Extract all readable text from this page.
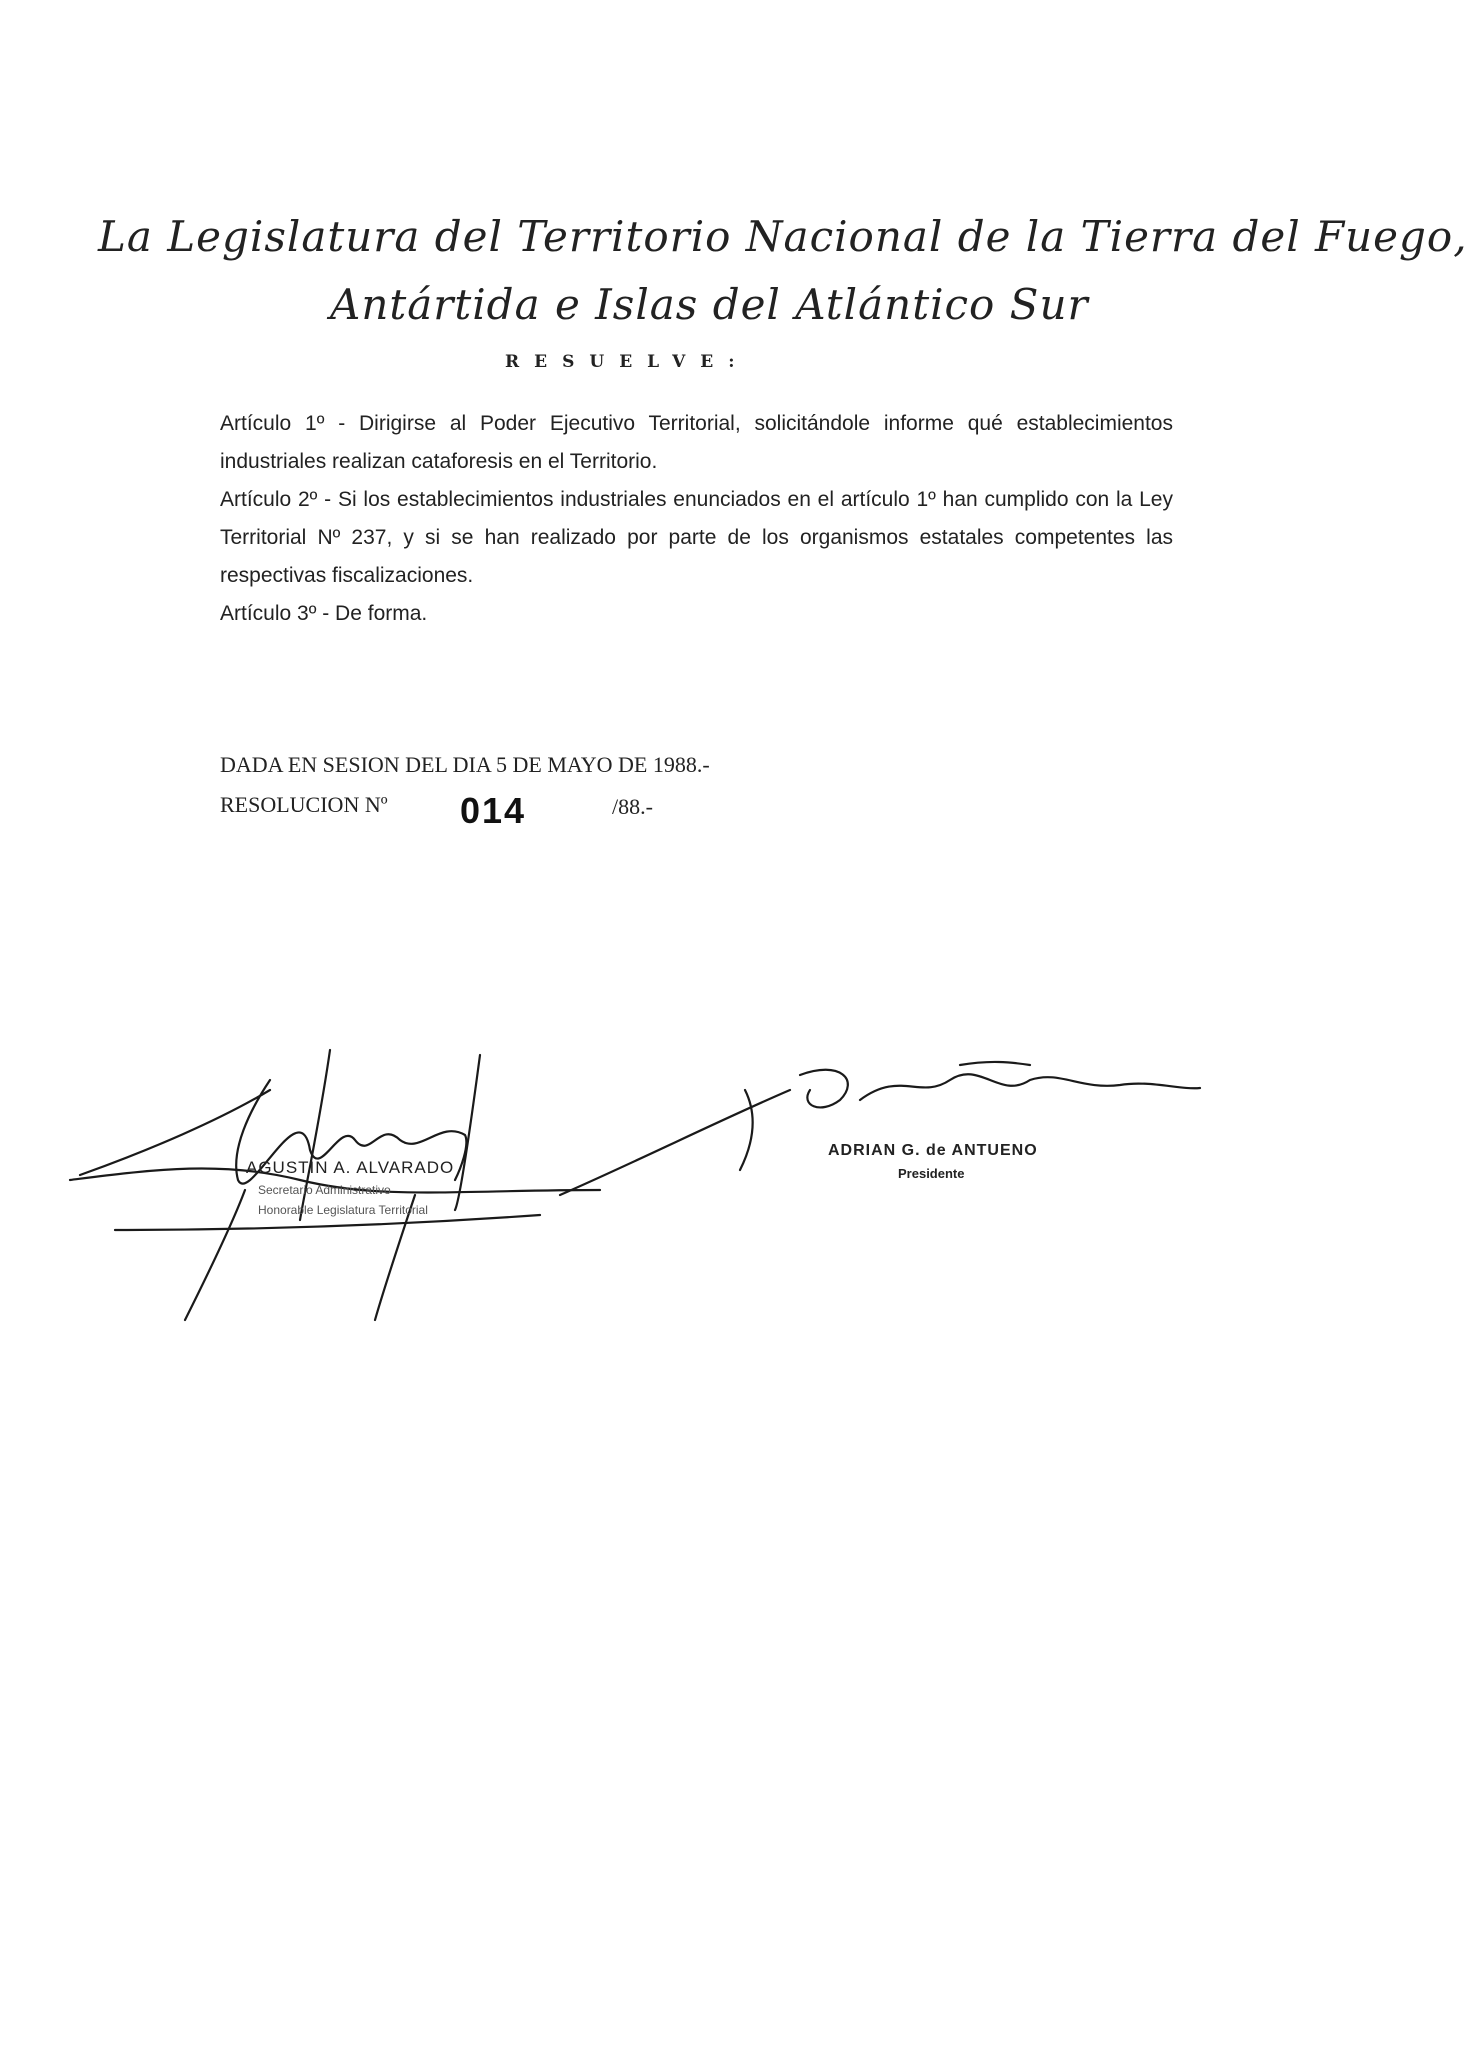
La Legislatura del Territorio Nacional de la Tierra del Fuego,
Antártida e Islas del Atlántico Sur
RESUELVE:

Artículo 1º - Dirigirse al Poder Ejecutivo Territorial, solicitándole informe qué establecimientos industriales realizan cataforesis en el Territorio.

Artículo 2º - Si los establecimientos industriales enunciados en el artículo 1º han cumplido con la Ley Territorial Nº 237, y si se han realizado por parte de los organismos estatales competentes las respectivas fiscalizaciones.

Artículo 3º - De forma.

DADA EN SESION DEL DIA 5 DE MAYO DE 1988.-
RESOLUCION Nº 014	/88.-
AGUSTIN A. ALVARADO
Secretario Administrativo
Honorable Legislatura Territorial
ADRIAN G. de ANTUENO
Presidente
